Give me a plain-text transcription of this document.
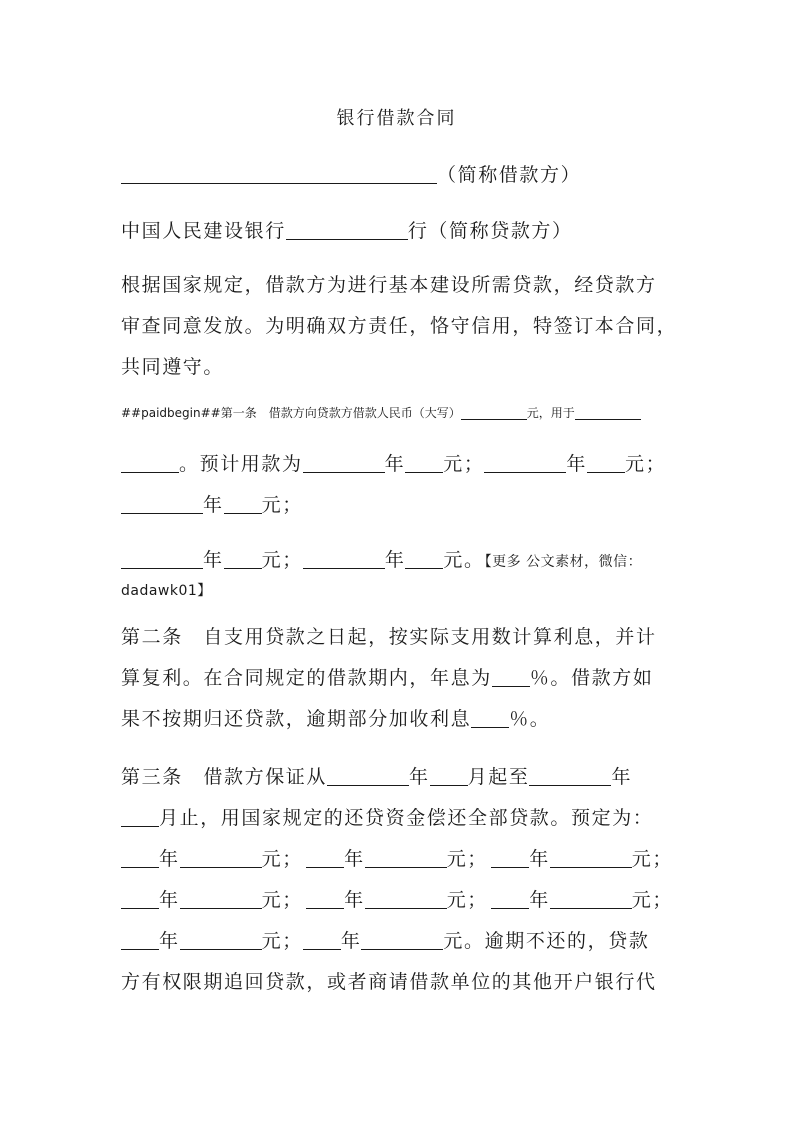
银行借款合同
（简称借款方）
中国人民建设银行	行（简称贷款方）
根据国家规定，借款方为进行基本建设所需贷款，经贷款方
审查同意发放。为明确双方责任，恪守信用，特签订本合同，
共同遵守。
##paidbegin##第一条　借款方向贷款方借款人民币（大写）	元，用于
。预计用款为	年 元；	年 元；
年 元；
年 元；	年 元。【更多 公文素材，微信：
dadawk01】
第二条　自支用贷款之日起，按实际支用数计算利息，并计
算复利。在合同规定的借款期内，年息为 ％。借款方如
果不按期归还贷款，逾期部分加收利息 ％。
第三条　借款方保证从	年 月起至	年
月止，用国家规定的还贷资金偿还全部贷款。预定为：
年	元；	年	元；	年	元；
年	元；	年	元；	年	元；
年	元； 年	元。逾期不还的，贷款
方有权限期追回贷款，或者商请借款单位的其他开户银行代
